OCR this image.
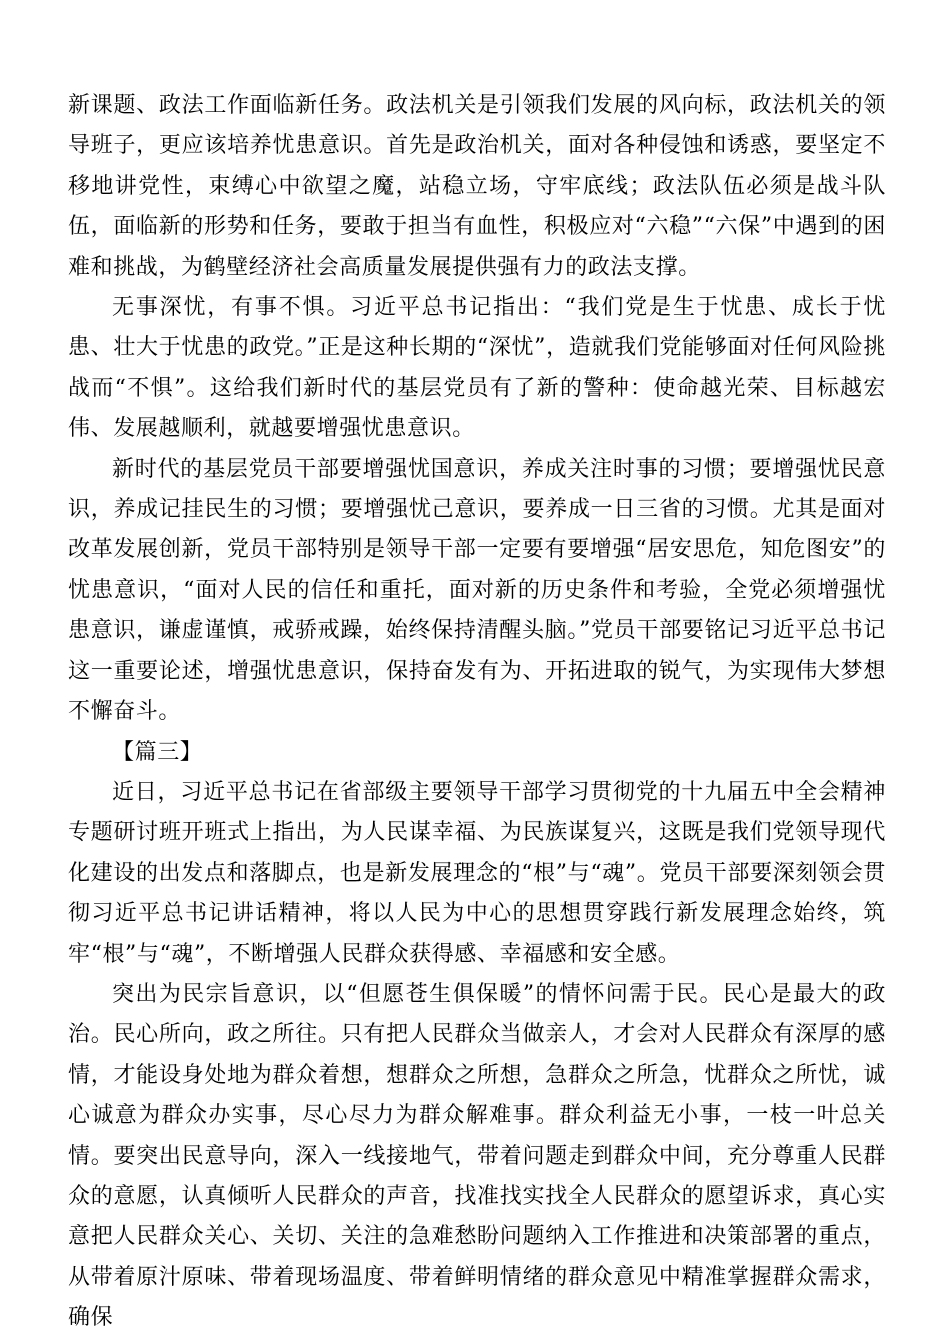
新课题、政法工作面临新任务。政法机关是引领我们发展的风向标，政法机关的领导班子，更应该培养忧患意识。首先是政治机关，面对各种侵蚀和诱惑，要坚定不移地讲党性，束缚心中欲望之魔，站稳立场，守牢底线；政法队伍必须是战斗队伍，面临新的形势和任务，要敢于担当有血性，积极应对“六稳”“六保”中遇到的困难和挑战，为鹤壁经济社会高质量发展提供强有力的政法支撑。

无事深忧，有事不惧。习近平总书记指出：“我们党是生于忧患、成长于忧患、壮大于忧患的政党。”正是这种长期的“深忧”，造就我们党能够面对任何风险挑战而“不惧”。这给我们新时代的基层党员有了新的警种：使命越光荣、目标越宏伟、发展越顺利，就越要增强忧患意识。

新时代的基层党员干部要增强忧国意识，养成关注时事的习惯；要增强忧民意识，养成记挂民生的习惯；要增强忧己意识，要养成一日三省的习惯。尤其是面对改革发展创新，党员干部特别是领导干部一定要有要增强“居安思危，知危图安”的忧患意识，“面对人民的信任和重托，面对新的历史条件和考验，全党必须增强忧患意识，谦虚谨慎，戒骄戒躁，始终保持清醒头脑。”党员干部要铭记习近平总书记这一重要论述，增强忧患意识，保持奋发有为、开拓进取的锐气，为实现伟大梦想不懈奋斗。

【篇三】

近日，习近平总书记在省部级主要领导干部学习贯彻党的十九届五中全会精神专题研讨班开班式上指出，为人民谋幸福、为民族谋复兴，这既是我们党领导现代化建设的出发点和落脚点，也是新发展理念的“根”与“魂”。党员干部要深刻领会贯彻习近平总书记讲话精神，将以人民为中心的思想贯穿践行新发展理念始终，筑牢“根”与“魂”，不断增强人民群众获得感、幸福感和安全感。

突出为民宗旨意识，以“但愿苍生俱保暖”的情怀问需于民。民心是最大的政治。民心所向，政之所往。只有把人民群众当做亲人，才会对人民群众有深厚的感情，才能设身处地为群众着想，想群众之所想，急群众之所急，忧群众之所忧，诚心诚意为群众办实事，尽心尽力为群众解难事。群众利益无小事，一枝一叶总关情。要突出民意导向，深入一线接地气，带着问题走到群众中间，充分尊重人民群众的意愿，认真倾听人民群众的声音，找准找实找全人民群众的愿望诉求，真心实意把人民群众关心、关切、关注的急难愁盼问题纳入工作推进和决策部署的重点，从带着原汁原味、带着现场温度、带着鲜明情绪的群众意见中精准掌握群众需求，确保
